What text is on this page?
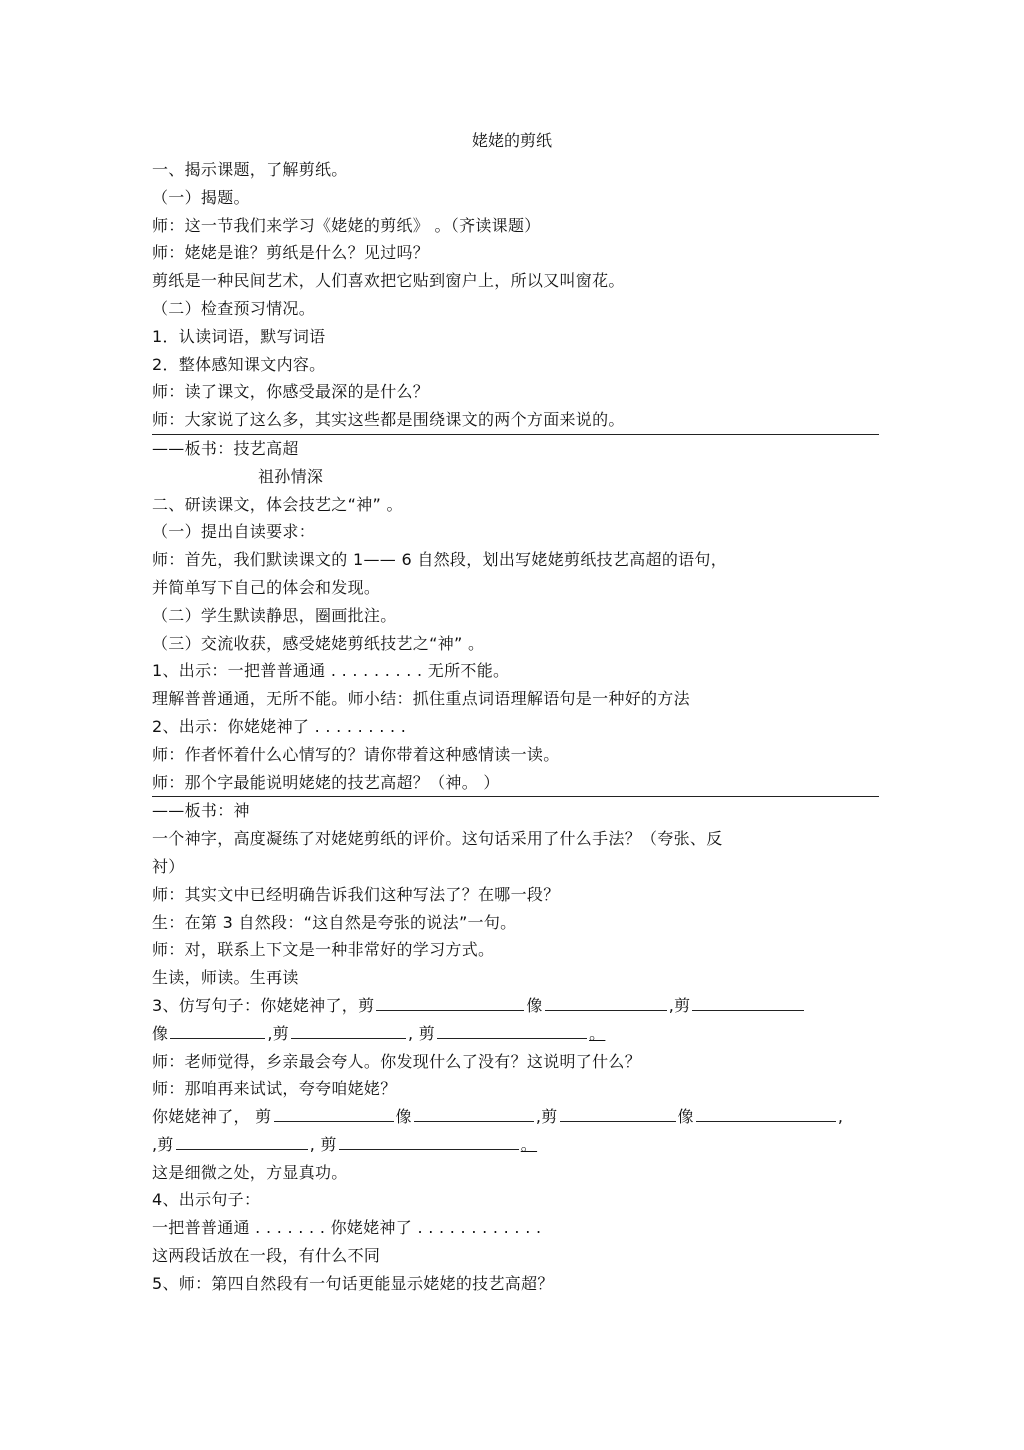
姥姥的剪纸
一、揭示课题，了解剪纸。
（一）揭题。
师：这一节我们来学习《姥姥的剪纸》 。（齐读课题）
师：姥姥是谁？剪纸是什么？见过吗？
剪纸是一种民间艺术，人们喜欢把它贴到窗户上，所以又叫窗花。
（二）检查预习情况。
1．认读词语，默写词语
2．整体感知课文内容。
师：读了课文，你感受最深的是什么？
师：大家说了这么多，其实这些都是围绕课文的两个方面来说的。
——板书：技艺高超
祖孙情深
二、研读课文，体会技艺之“神” 。
（一）提出自读要求：
师：首先，我们默读课文的 1—— 6 自然段，划出写姥姥剪纸技艺高超的语句，
并简单写下自己的体会和发现。
（二）学生默读静思，圈画批注。
（三）交流收获，感受姥姥剪纸技艺之“神” 。
1、出示：一把普普通通 . . . . . . . . . 无所不能。
理解普普通通，无所不能。师小结：抓住重点词语理解语句是一种好的方法
2、出示：你姥姥神了 . . . . . . . . .
师：作者怀着什么心情写的？请你带着这种感情读一读。
师：那个字最能说明姥姥的技艺高超？（神。 ）
——板书：神
一个神字，高度凝练了对姥姥剪纸的评价。这句话采用了什么手法？（夸张、反
衬）
师：其实文中已经明确告诉我们这种写法了？在哪一段？
生：在第 3 自然段：“这自然是夸张的说法”一句。
师：对，联系上下文是一种非常好的学习方式。
生读，师读。生再读
3、仿写句子：你姥姥神了，剪	像	,剪
像	,剪	, 剪	。
师：老师觉得，乡亲最会夸人。你发现什么了没有？这说明了什么？
师：那咱再来试试，夸夸咱姥姥？
你姥姥神了， 剪	像	,剪	像	,
,剪	, 剪	。
这是细微之处，方显真功。
4、出示句子：
一把普普通通 . . . . . . . 你姥姥神了 . . . . . . . . . . . .
这两段话放在一段，有什么不同
5、师：第四自然段有一句话更能显示姥姥的技艺高超？
